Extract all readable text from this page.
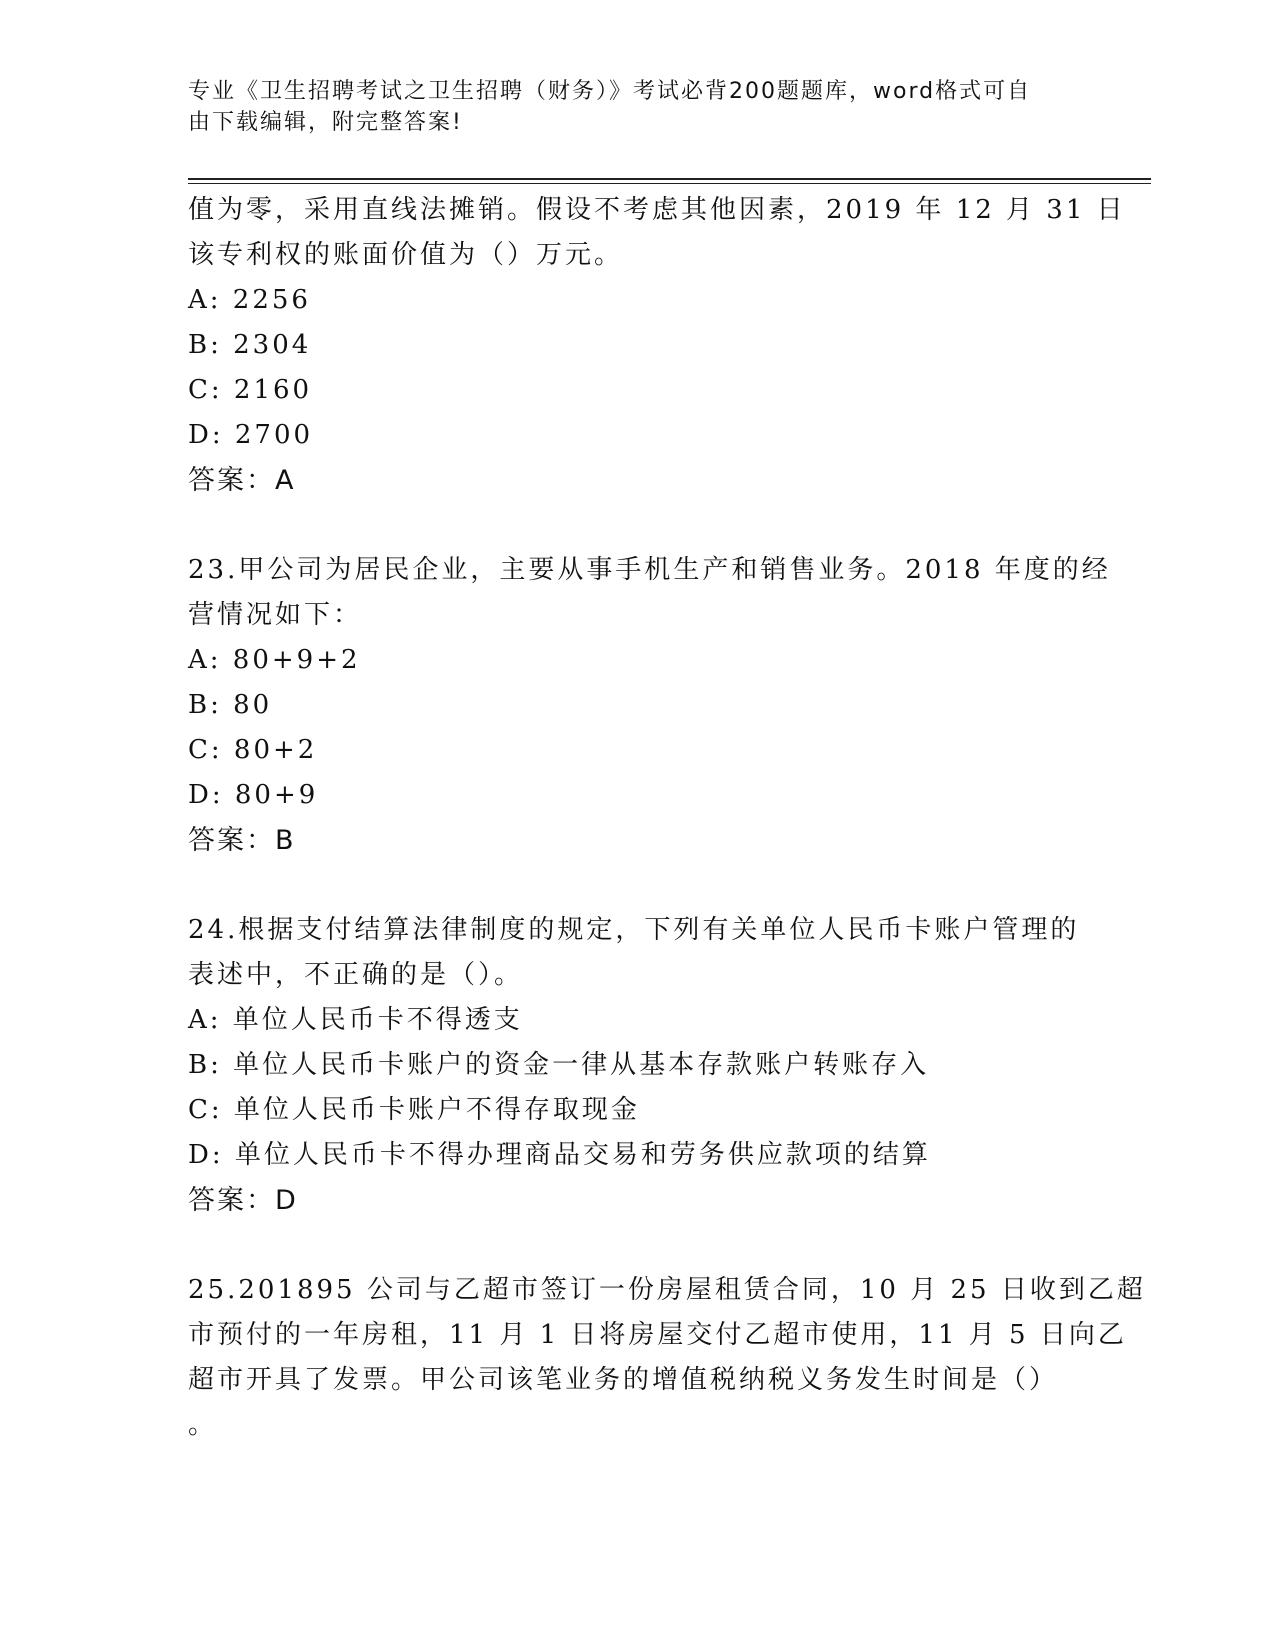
专业《卫生招聘考试之卫生招聘（财务）》考试必背200题题库，word格式可自
由下载编辑，附完整答案!
值为零，采用直线法摊销。假设不考虑其他因素，2019 年 12 月 31 日
该专利权的账面价值为（）万元。
A: 2256
B: 2304
C: 2160
D: 2700
答案：A
23.甲公司为居民企业，主要从事手机生产和销售业务。2018 年度的经
营情况如下：
A: 80+9+2
B: 80
C: 80+2
D: 80+9
答案：B
24.根据支付结算法律制度的规定，下列有关单位人民币卡账户管理的
表述中，不正确的是（）。
A: 单位人民币卡不得透支
B: 单位人民币卡账户的资金一律从基本存款账户转账存入
C: 单位人民币卡账户不得存取现金
D: 单位人民币卡不得办理商品交易和劳务供应款项的结算
答案：D
25.201895 公司与乙超市签订一份房屋租赁合同，10 月 25 日收到乙超
市预付的一年房租，11 月 1 日将房屋交付乙超市使用，11 月 5 日向乙
超市开具了发票。甲公司该笔业务的增值税纳税义务发生时间是（）
。
